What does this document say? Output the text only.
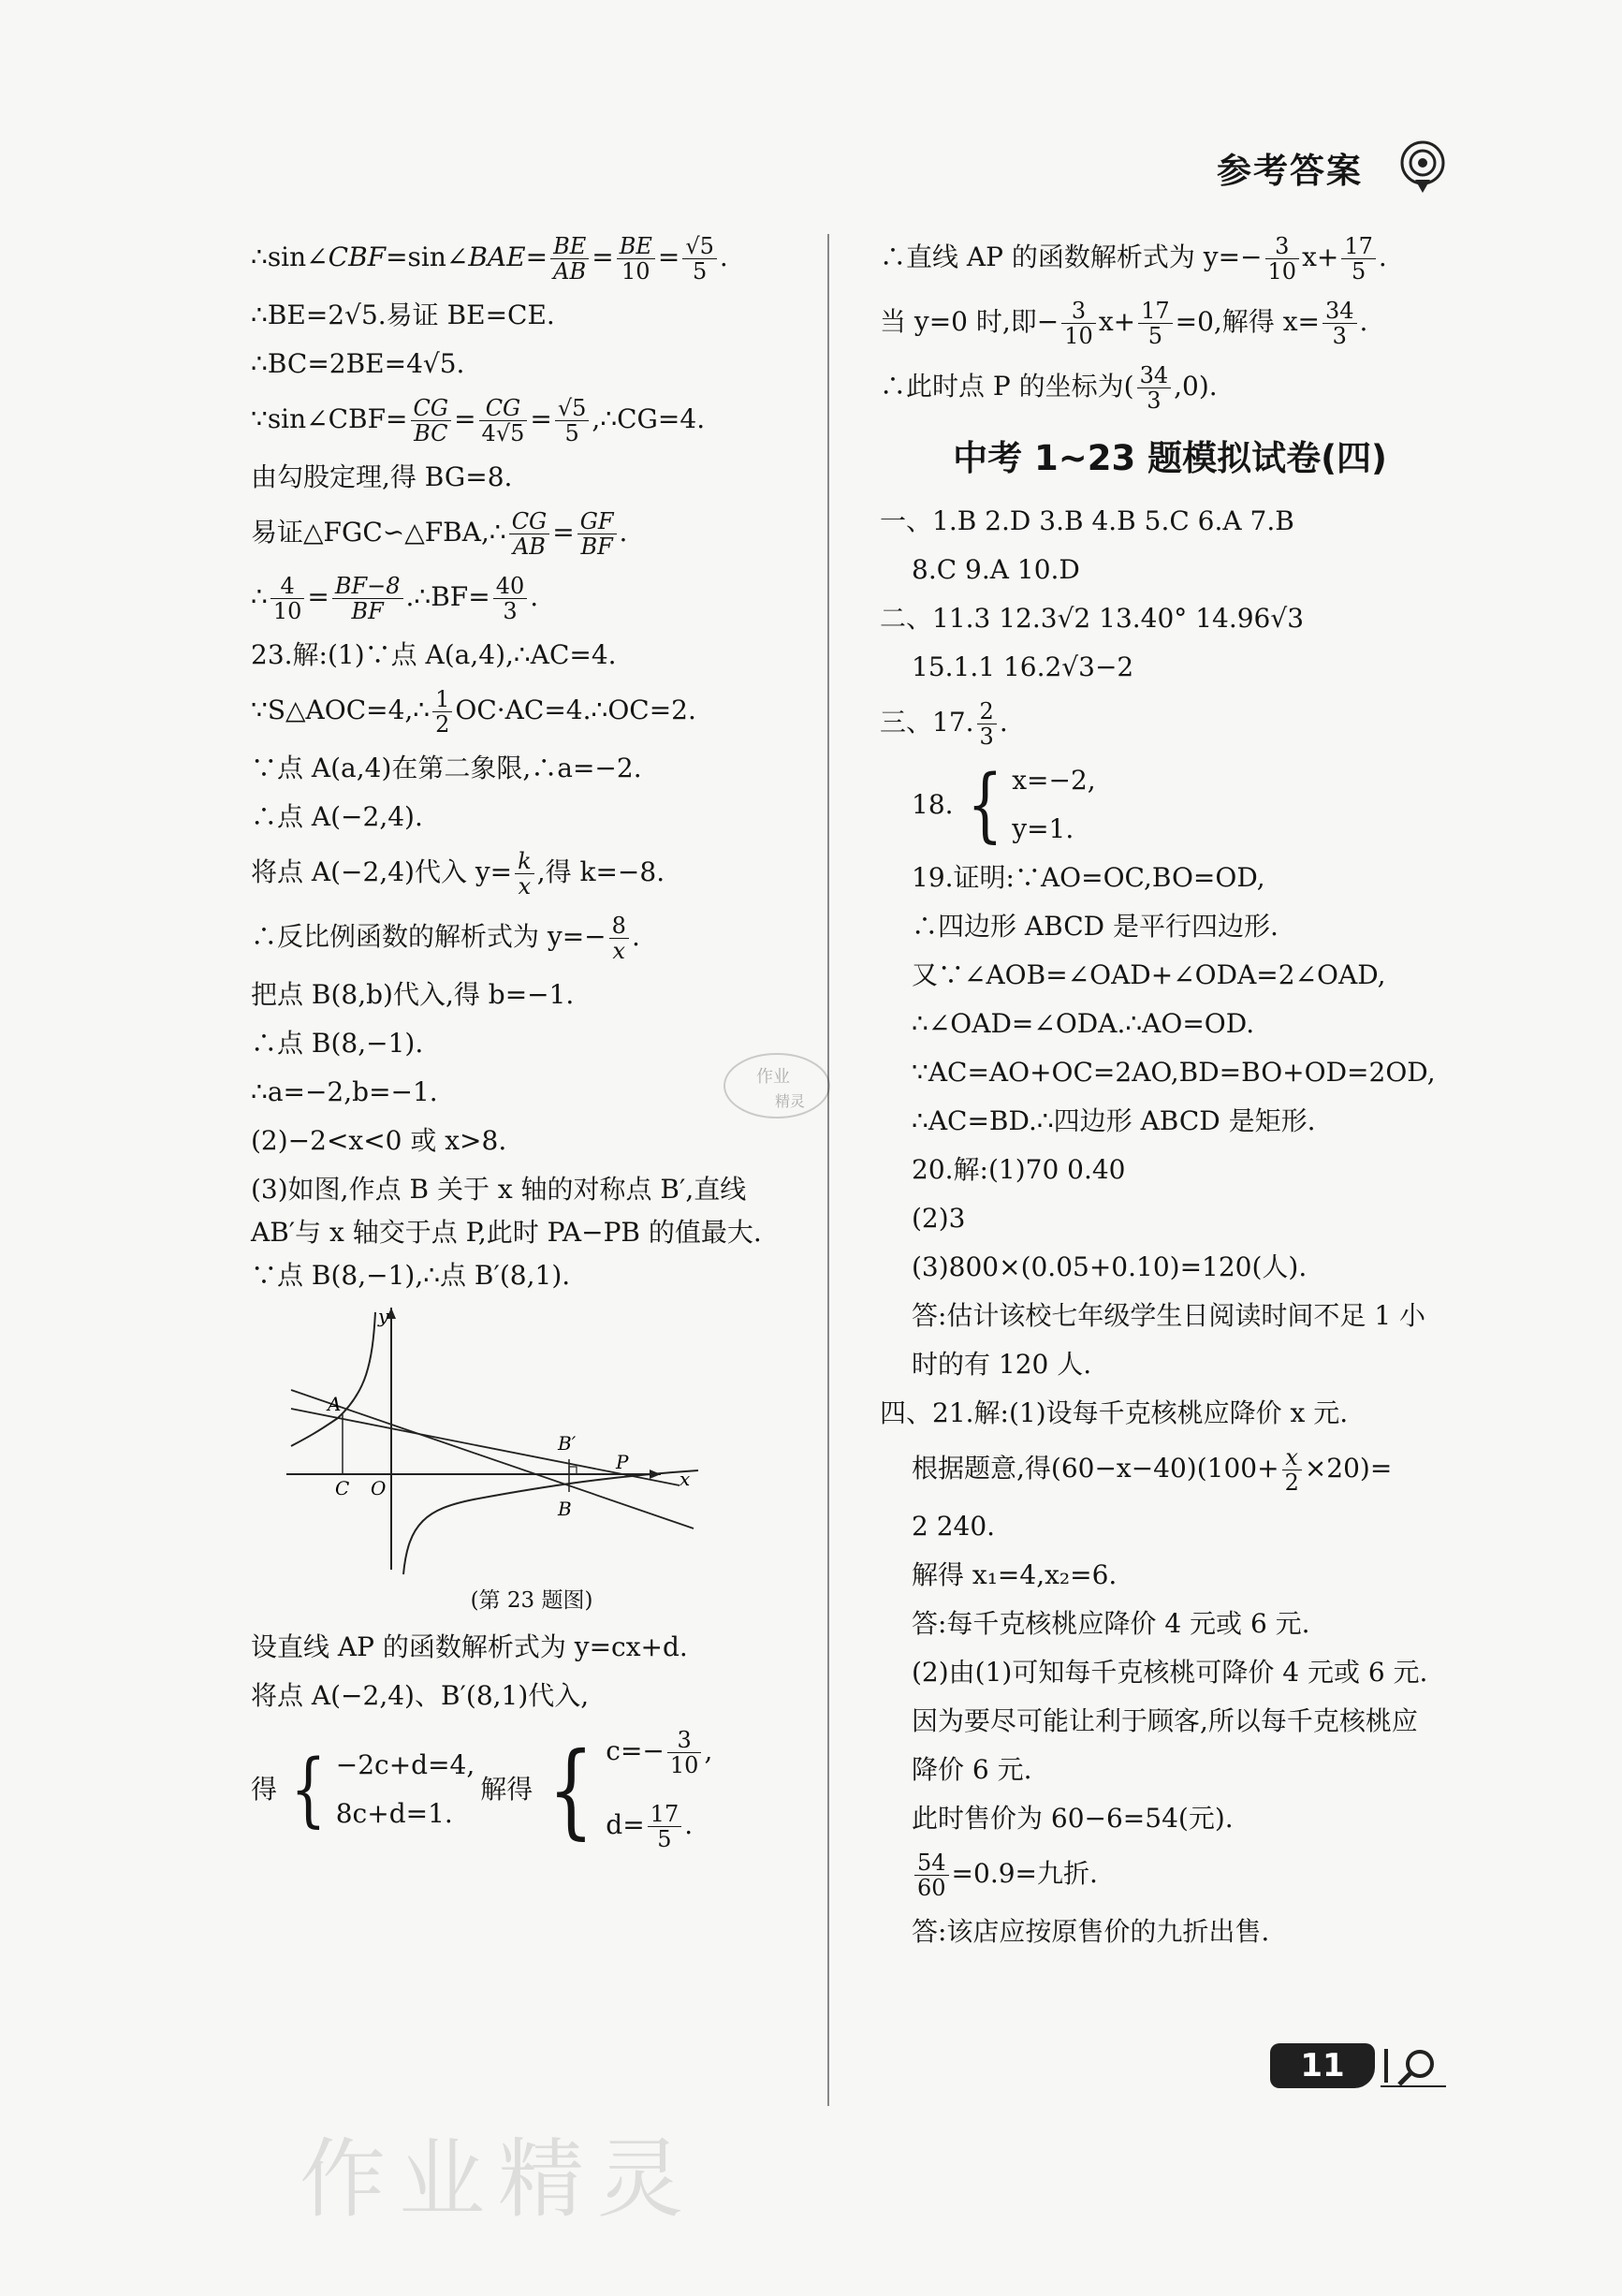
参考答案
∴sin∠CBF=sin∠BAE= $\frac{BE}{AB} = \frac{BE}{10} = \frac{√5}{5}$ .
∴BE=2√5.易证 BE=CE.
∴BC=2BE=4√5.
∵sin∠CBF= $\frac{CG}{BC} = \frac{CG}{4√5} = \frac{√5}{5}$ ,∴CG=4.
由勾股定理,得 BG=8.
易证△FGC∽△FBA,∴ $\frac{CG}{AB} = \frac{GF}{BF}$ .
∴ $\frac{4}{10} = \frac{BF-8}{BF}$ .∴BF= $\frac{40}{3}$ .
23.解:(1)∵点 A(a,4),∴AC=4.
∵S△AOC=4,∴ $\frac{1}{2}$ OC·AC=4.∴OC=2.
∵点 A(a,4)在第二象限,∴a=−2.
∴点 A(−2,4).
将点 A(−2,4)代入 $y= \frac{k}{x}$ ,得 k=−8.
∴反比例函数的解析式为 $y=- \frac{8}{x}$ .
把点 B(8,b)代入,得 b=−1.
∴点 B(8,−1).
∴a=−2,b=−1.
(2)−2<x<0 或 x>8.
(3)如图,作点 B 关于 x 轴的对称点 B′,直线
AB′与 x 轴交于点 P,此时 PA−PB 的值最大.
∵点 B(8,−1),∴点 B′(8,1).
y
x
A
C O
B′
B
P
(第 23 题图)
设直线 AP 的函数解析式为 y=cx+d.
将点 A(−2,4)、B′(8,1)代入,
得 { −2c+d=4,
8c+d=1.
解得 { $c=- \frac{3}{10}$ ,
$d= \frac{17}{5}$ .
∴直线 AP 的函数解析式为 $y=- \frac{3}{10} x+ \frac{17}{5}$ .
当 y=0 时,即− $\frac{3}{10} x+ \frac{17}{5} =0$,解得 $x= \frac{34}{3}$ .
∴此时点 P 的坐标为( $\frac{34}{3} ,0$).
中考 1~23 题模拟试卷(四)
一、1.B 2.D 3.B 4.B 5.C 6.A 7.B
8.C 9.A 10.D
二、11.3 12.3√2 13.40° 14.96√3
15.1.1 16.2√3−2
三、17. $\frac{2}{3}$ .
18. { x=−2,
y=1.
19.证明:∵AO=OC,BO=OD,
∴四边形 ABCD 是平行四边形.
又∵∠AOB=∠OAD+∠ODA=2∠OAD,
∴∠OAD=∠ODA.∴AO=OD.
∵AC=AO+OC=2AO,BD=BO+OD=2OD,
∴AC=BD.∴四边形 ABCD 是矩形.
20.解:(1)70 0.40
(2)3
(3)800×(0.05+0.10)=120(人).
答:估计该校七年级学生日阅读时间不足 1 小
时的有 120 人.
四、21.解:(1)设每千克核桃应降价 x 元.
根据题意,得$(60-x-40)(100+ \frac{x}{2} \times 20)=$
2 240.
解得 x₁=4,x₂=6.
答:每千克核桃应降价 4 元或 6 元.
(2)由(1)可知每千克核桃可降价 4 元或 6 元.
因为要尽可能让利于顾客,所以每千克核桃应
降价 6 元.
此时售价为 60−6=54(元).
$\frac{54}{60} =0.9=$九折.
答:该店应按原售价的九折出售.
作业
精灵
作业精灵
11
